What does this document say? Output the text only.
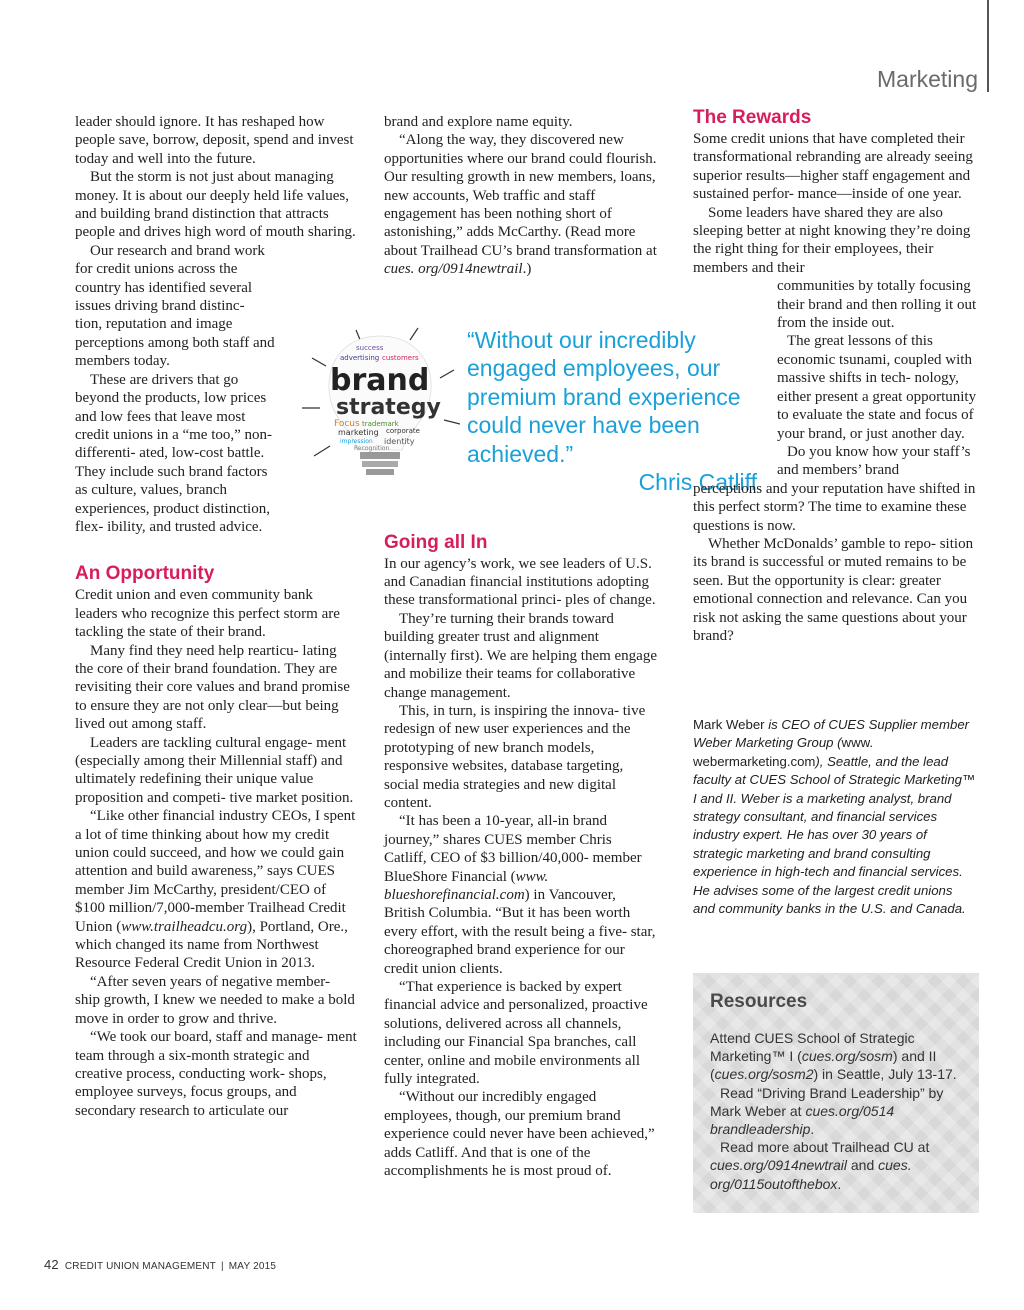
Marketing

leader should ignore. It has reshaped how people save, borrow, deposit, spend and invest today and well into the future.

But the storm is not just about managing money. It is about our deeply held life values, and building brand distinction that attracts people and drives high word of mouth sharing.

Our research and brand work for credit unions across the country has identified several issues driving brand distinc- tion, reputation and image perceptions among both staff and members today.

These are drivers that go beyond the products, low prices and low fees that leave most credit unions in a “me too,” non-differenti- ated, low-cost battle. They include such brand factors as culture, values, branch experiences, product distinction, flex- ibility, and trusted advice.

An Opportunity

Credit union and even community bank leaders who recognize this perfect storm are tackling the state of their brand.

Many find they need help rearticu- lating the core of their brand foundation. They are revisiting their core values and brand promise to ensure they are not only clear—but being lived out among staff.

Leaders are tackling cultural engage- ment (especially among their Millennial staff) and ultimately redefining their unique value proposition and competi- tive market position.

“Like other financial industry CEOs, I spent a lot of time thinking about how my credit union could succeed, and how we could gain attention and build awareness,” says CUES member Jim McCarthy, president/CEO of $100 million/7,000-member Trailhead Credit Union (www.trailheadcu.org), Portland, Ore., which changed its name from Northwest Resource Federal Credit Union in 2013.

“After seven years of negative member- ship growth, I knew we needed to make a bold move in order to grow and thrive.

“We took our board, staff and manage- ment team through a six-month strategic and creative process, conducting work- shops, employee surveys, focus groups, and secondary research to articulate our

success
advertising customers
brand
strategy
Focus trademark
marketing corporate
impression identity
Recognition
“Without our incredibly engaged employees, our premium brand experience could never have been achieved.”
Chris Catliff

brand and explore name equity.

“Along the way, they discovered new opportunities where our brand could flourish. Our resulting growth in new members, loans, new accounts, Web traffic and staff engagement has been nothing short of astonishing,” adds McCarthy. (Read more about Trailhead CU’s brand transformation at cues. org/0914newtrail.)

Going all In

In our agency’s work, we see leaders of U.S. and Canadian financial institutions adopting these transformational princi- ples of change.

They’re turning their brands toward building greater trust and alignment (internally first). We are helping them engage and mobilize their teams for collaborative change management.

This, in turn, is inspiring the innova- tive redesign of new user experiences and the prototyping of new branch models, responsive websites, database targeting, social media strategies and new digital content.

“It has been a 10-year, all-in brand journey,” shares CUES member Chris Catliff, CEO of $3 billion/40,000- member BlueShore Financial (www. blueshorefinancial.com) in Vancouver, British Columbia. “But it has been worth every effort, with the result being a five- star, choreographed brand experience for our credit union clients.

“That experience is backed by expert financial advice and personalized, proactive solutions, delivered across all channels, including our Financial Spa branches, call center, online and mobile environments all fully integrated.

“Without our incredibly engaged employees, though, our premium brand experience could never have been achieved,” adds Catliff. And that is one of the accomplishments he is most proud of.

The Rewards

Some credit unions that have completed their transformational rebranding are already seeing superior results—higher staff engagement and sustained perfor- mance—inside of one year.

Some leaders have shared they are also sleeping better at night knowing they’re doing the right thing for their employees, their members and their

communities by totally focusing their brand and then rolling it out from the inside out.

The great lessons of this economic tsunami, coupled with massive shifts in tech- nology, either present a great opportunity to evaluate the state and focus of your brand, or just another day.

Do you know how your staff’s and members’ brand

perceptions and your reputation have shifted in this perfect storm? The time to examine these questions is now.

Whether McDonalds’ gamble to repo- sition its brand is successful or muted remains to be seen. But the opportunity is clear: greater emotional connection and relevance. Can you risk not asking the same questions about your brand?

Mark Weber is CEO of CUES Supplier member Weber Marketing Group (www. webermarketing.com), Seattle, and the lead faculty at CUES School of Strategic Marketing™ I and II. Weber is a marketing analyst, brand strategy consultant, and financial services industry expert. He has over 30 years of strategic marketing and brand consulting experience in high-tech and financial services. He advises some of the largest credit unions and community banks in the U.S. and Canada.
Resources

Attend CUES School of Strategic Marketing™ I (cues.org/sosm) and II (cues.org/sosm2) in Seattle, July 13-17.

Read “Driving Brand Leadership” by Mark Weber at cues.org/0514 brandleadership.

Read more about Trailhead CU at cues.org/0914newtrail and cues. org/0115outofthebox.

42 CREDIT UNION MANAGEMENT | MAY 2015
